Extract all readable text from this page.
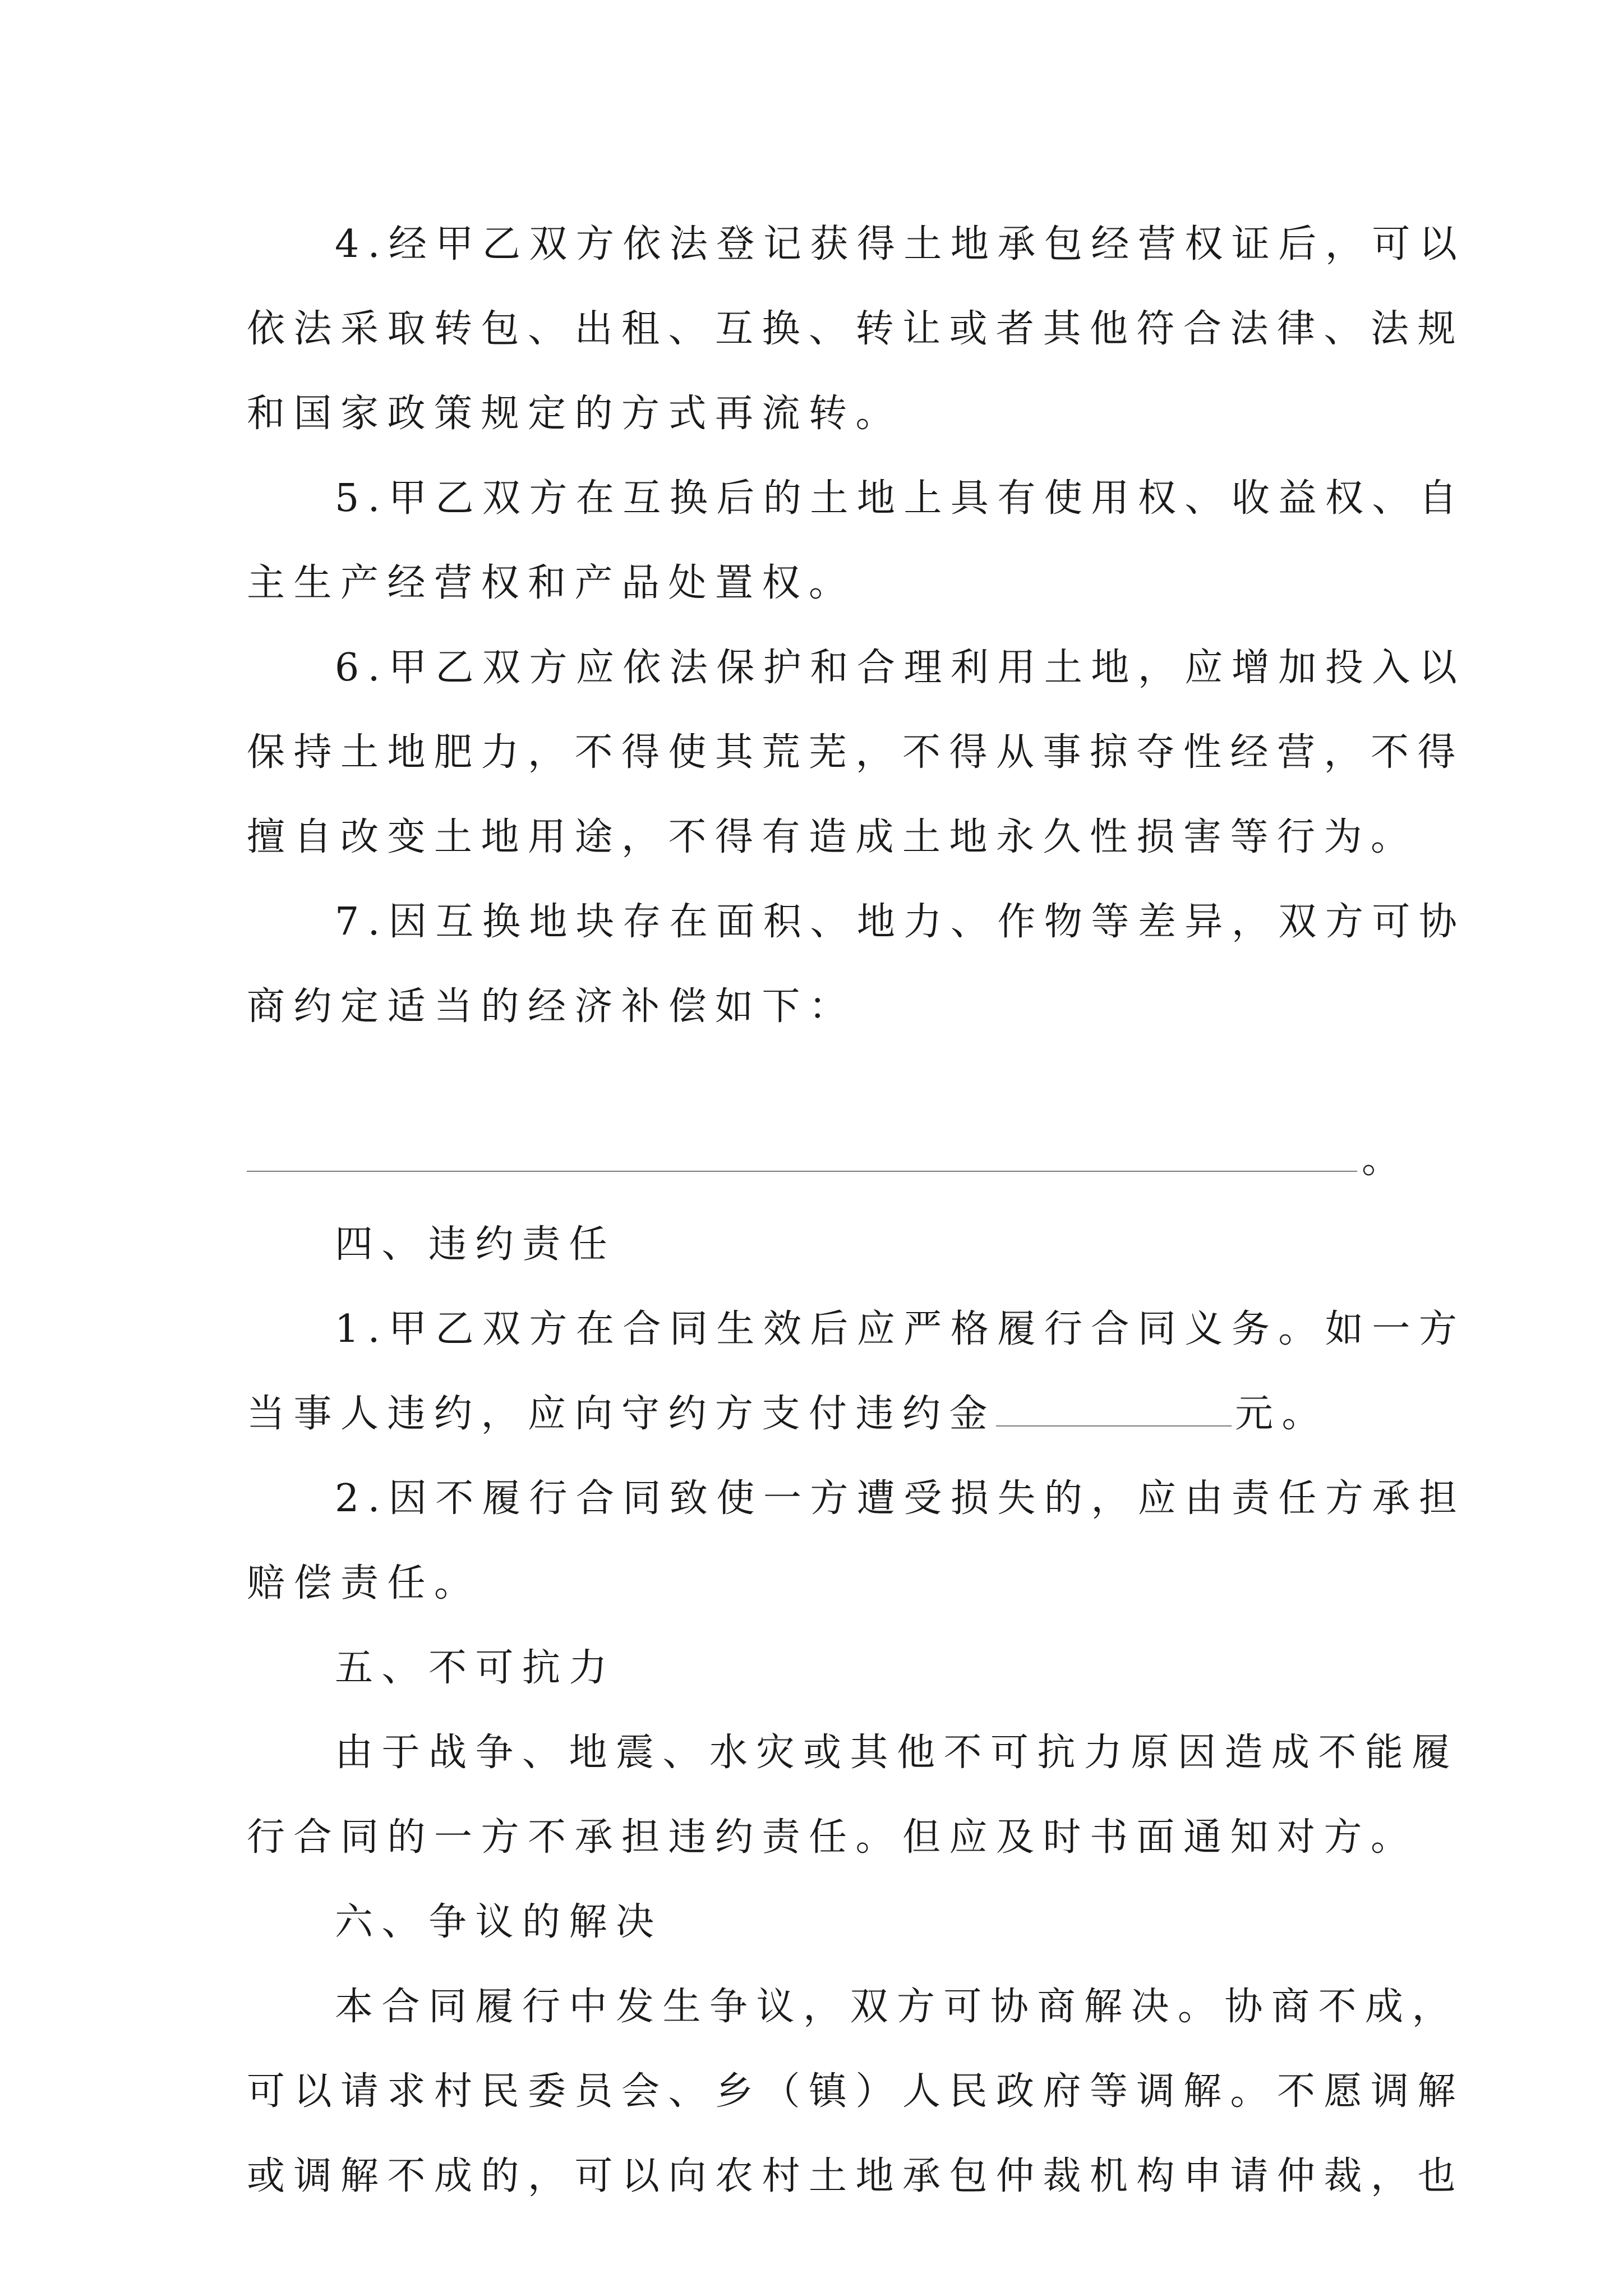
4.经甲乙双方依法登记获得土地承包经营权证后，可以
依法采取转包、出租、互换、转让或者其他符合法律、法规
和国家政策规定的方式再流转。
5.甲乙双方在互换后的土地上具有使用权、收益权、自
主生产经营权和产品处置权。
6.甲乙双方应依法保护和合理利用土地，应增加投入以
保持土地肥力，不得使其荒芜，不得从事掠夺性经营，不得
擅自改变土地用途，不得有造成土地永久性损害等行为。
7.因互换地块存在面积、地力、作物等差异，双方可协
商约定适当的经济补偿如下：
。
四、违约责任
1.甲乙双方在合同生效后应严格履行合同义务。如一方
当事人违约，应向守约方支付违约金	元。
2.因不履行合同致使一方遭受损失的，应由责任方承担
赔偿责任。
五、不可抗力
由于战争、地震、水灾或其他不可抗力原因造成不能履
行合同的一方不承担违约责任。但应及时书面通知对方。
六、争议的解决
本合同履行中发生争议，双方可协商解决。协商不成，
可以请求村民委员会、乡（镇）人民政府等调解。不愿调解
或调解不成的，可以向农村土地承包仲裁机构申请仲裁，也
